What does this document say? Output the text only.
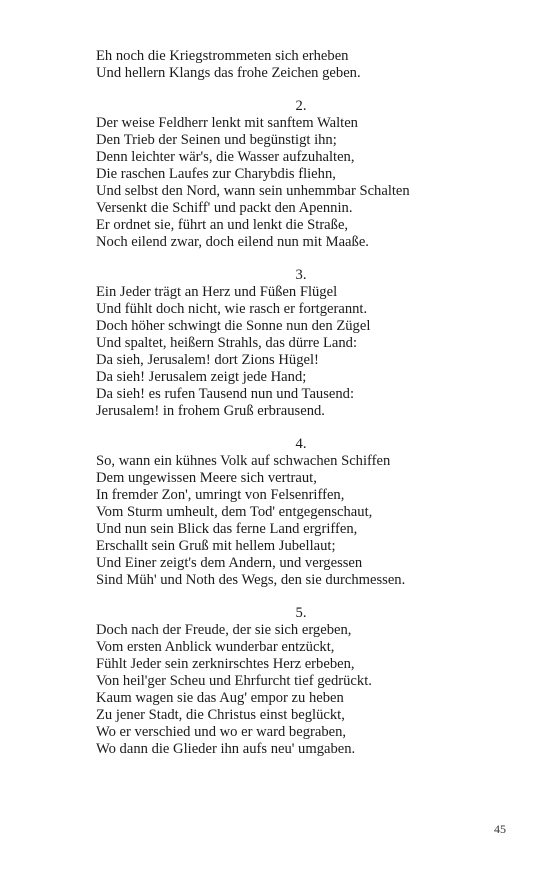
Eh noch die Kriegstrommeten sich erheben
Und hellern Klangs das frohe Zeichen geben.
2.
Der weise Feldherr lenkt mit sanftem Walten
Den Trieb der Seinen und begünstigt ihn;
Denn leichter wär's, die Wasser aufzuhalten,
Die raschen Laufes zur Charybdis fliehn,
Und selbst den Nord, wann sein unhemmbar Schalten
Versenkt die Schiff' und packt den Apennin.
Er ordnet sie, führt an und lenkt die Straße,
Noch eilend zwar, doch eilend nun mit Maaße.
3.
Ein Jeder trägt an Herz und Füßen Flügel
Und fühlt doch nicht, wie rasch er fortgerannt.
Doch höher schwingt die Sonne nun den Zügel
Und spaltet, heißern Strahls, das dürre Land:
Da sieh, Jerusalem! dort Zions Hügel!
Da sieh! Jerusalem zeigt jede Hand;
Da sieh! es rufen Tausend nun und Tausend:
Jerusalem! in frohem Gruß erbrausend.
4.
So, wann ein kühnes Volk auf schwachen Schiffen
Dem ungewissen Meere sich vertraut,
In fremder Zon', umringt von Felsenriffen,
Vom Sturm umheult, dem Tod' entgegenschaut,
Und nun sein Blick das ferne Land ergriffen,
Erschallt sein Gruß mit hellem Jubellaut;
Und Einer zeigt's dem Andern, und vergessen
Sind Müh' und Noth des Wegs, den sie durchmessen.
5.
Doch nach der Freude, der sie sich ergeben,
Vom ersten Anblick wunderbar entzückt,
Fühlt Jeder sein zerknirschtes Herz erbeben,
Von heil'ger Scheu und Ehrfurcht tief gedrückt.
Kaum wagen sie das Aug' empor zu heben
Zu jener Stadt, die Christus einst beglückt,
Wo er verschied und wo er ward begraben,
Wo dann die Glieder ihn aufs neu' umgaben.
45
